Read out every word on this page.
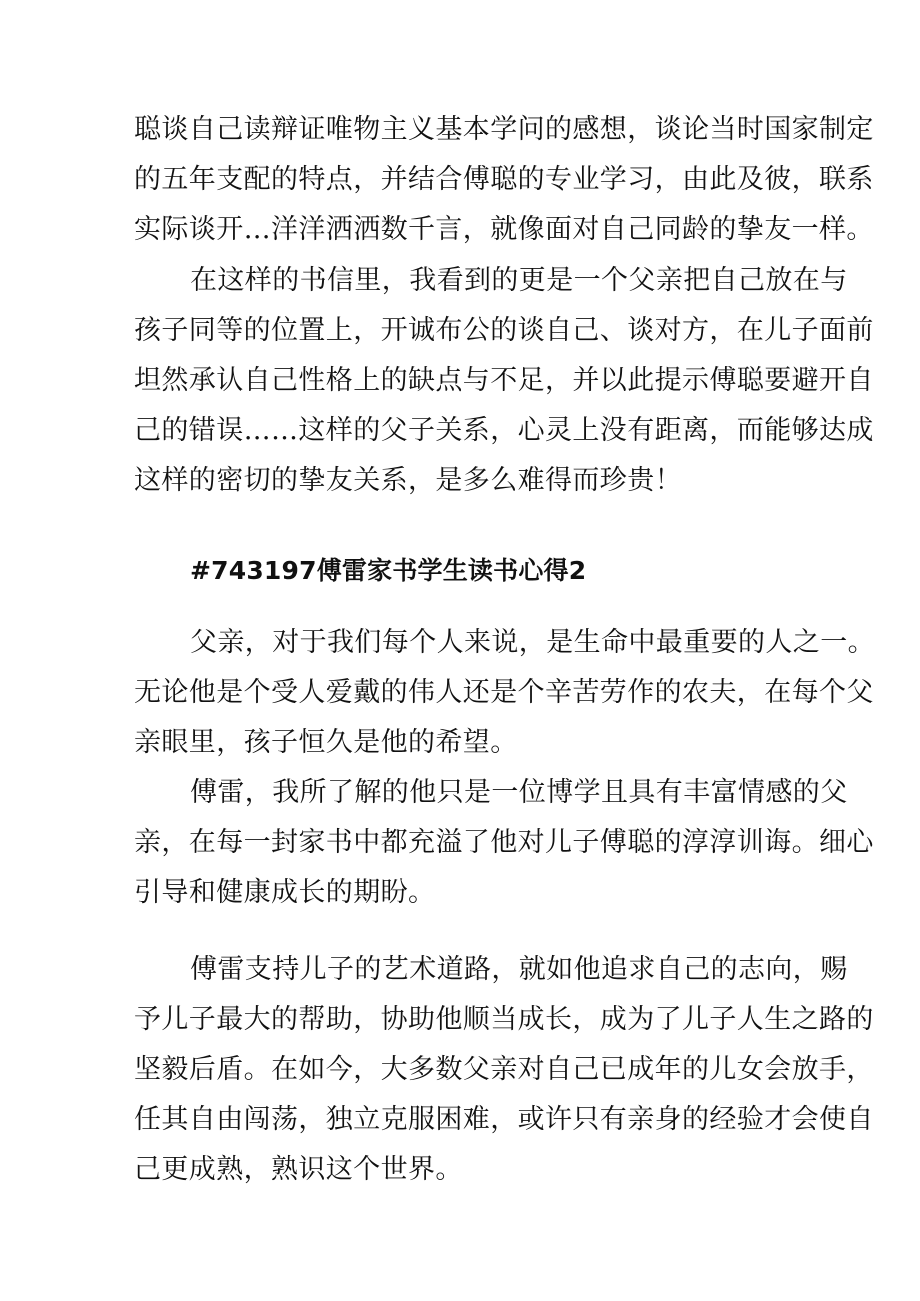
聪谈自己读辩证唯物主义基本学问的感想，谈论当时国家制定
的五年支配的特点，并结合傅聪的专业学习，由此及彼，联系
实际谈开…洋洋洒洒数千言，就像面对自己同龄的挚友一样。
在这样的书信里，我看到的更是一个父亲把自己放在与
孩子同等的位置上，开诚布公的谈自己、谈对方，在儿子面前
坦然承认自己性格上的缺点与不足，并以此提示傅聪要避开自
己的错误……这样的父子关系，心灵上没有距离，而能够达成
这样的密切的挚友关系，是多么难得而珍贵！
#743197傅雷家书学生读书心得2
父亲，对于我们每个人来说，是生命中最重要的人之一。
无论他是个受人爱戴的伟人还是个辛苦劳作的农夫，在每个父
亲眼里，孩子恒久是他的希望。
傅雷，我所了解的他只是一位博学且具有丰富情感的父
亲，在每一封家书中都充溢了他对儿子傅聪的淳淳训诲。细心
引导和健康成长的期盼。
傅雷支持儿子的艺术道路，就如他追求自己的志向，赐
予儿子最大的帮助，协助他顺当成长，成为了儿子人生之路的
坚毅后盾。在如今，大多数父亲对自己已成年的儿女会放手，
任其自由闯荡，独立克服困难，或许只有亲身的经验才会使自
己更成熟，熟识这个世界。
